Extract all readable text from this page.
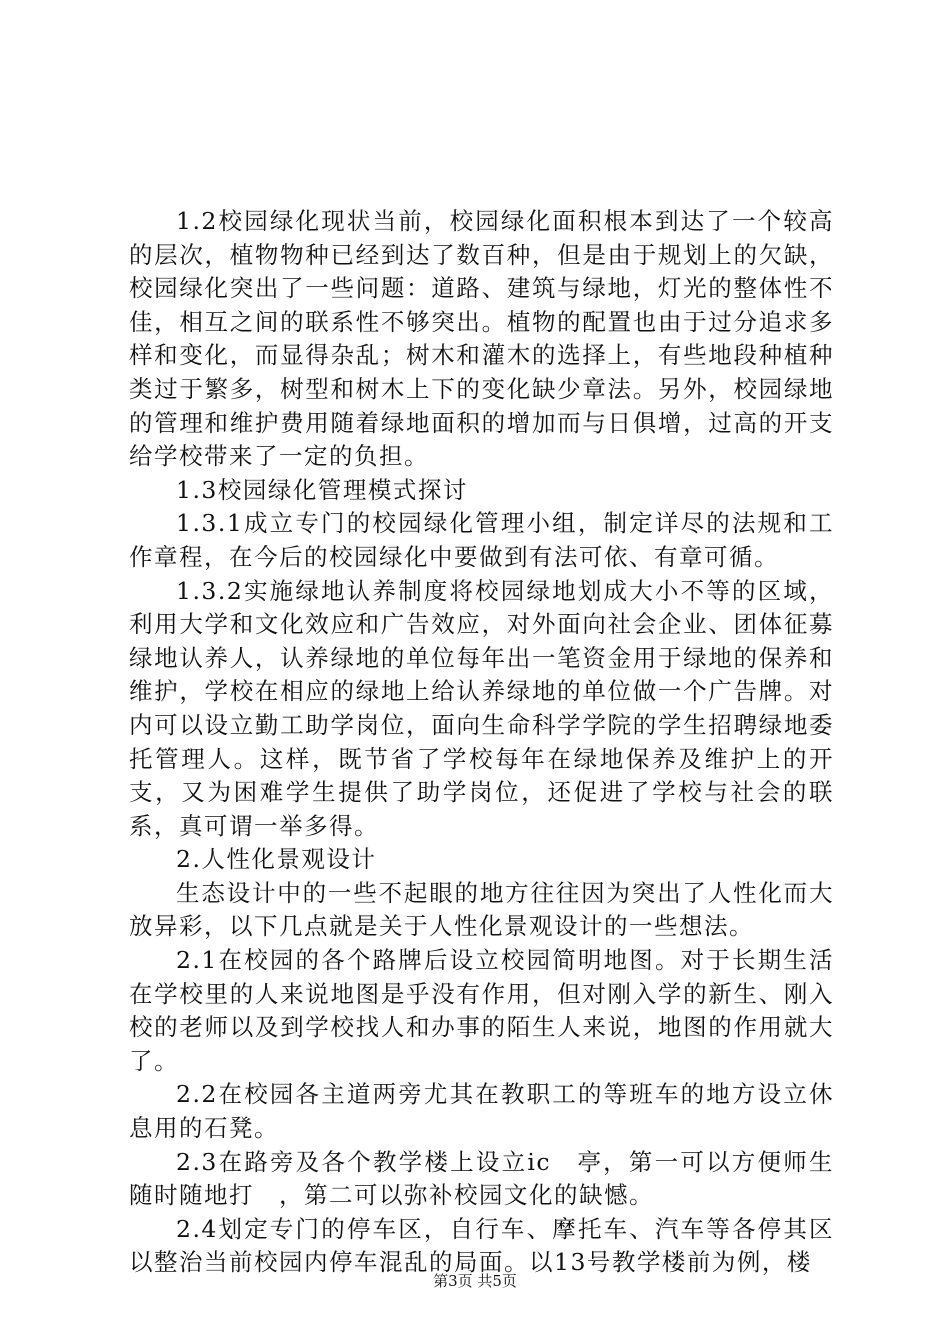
1.2校园绿化现状当前，校园绿化面积根本到达了一个较高的层次，植物物种已经到达了数百种，但是由于规划上的欠缺，校园绿化突出了一些问题：道路、建筑与绿地，灯光的整体性不佳，相互之间的联系性不够突出。植物的配置也由于过分追求多样和变化，而显得杂乱；树木和灌木的选择上，有些地段种植种类过于繁多，树型和树木上下的变化缺少章法。另外，校园绿地的管理和维护费用随着绿地面积的增加而与日俱增，过高的开支给学校带来了一定的负担。

1.3校园绿化管理模式探讨

1.3.1成立专门的校园绿化管理小组，制定详尽的法规和工作章程，在今后的校园绿化中要做到有法可依、有章可循。

1.3.2实施绿地认养制度将校园绿地划成大小不等的区域，利用大学和文化效应和广告效应，对外面向社会企业、团体征募绿地认养人，认养绿地的单位每年出一笔资金用于绿地的保养和维护，学校在相应的绿地上给认养绿地的单位做一个广告牌。对内可以设立勤工助学岗位，面向生命科学学院的学生招聘绿地委托管理人。这样，既节省了学校每年在绿地保养及维护上的开支，又为困难学生提供了助学岗位，还促进了学校与社会的联系，真可谓一举多得。

2.人性化景观设计

生态设计中的一些不起眼的地方往往因为突出了人性化而大放异彩，以下几点就是关于人性化景观设计的一些想法。

2.1在校园的各个路牌后设立校园简明地图。对于长期生活在学校里的人来说地图是乎没有作用，但对刚入学的新生、刚入校的老师以及到学校找人和办事的陌生人来说，地图的作用就大了。

2.2在校园各主道两旁尤其在教职工的等班车的地方设立休息用的石凳。

2.3在路旁及各个教学楼上设立ic　亭，第一可以方便师生随时随地打　，第二可以弥补校园文化的缺憾。

2.4划定专门的停车区，自行车、摩托车、汽车等各停其区以整治当前校园内停车混乱的局面。以13号教学楼前为例，楼

第3页 共5页
